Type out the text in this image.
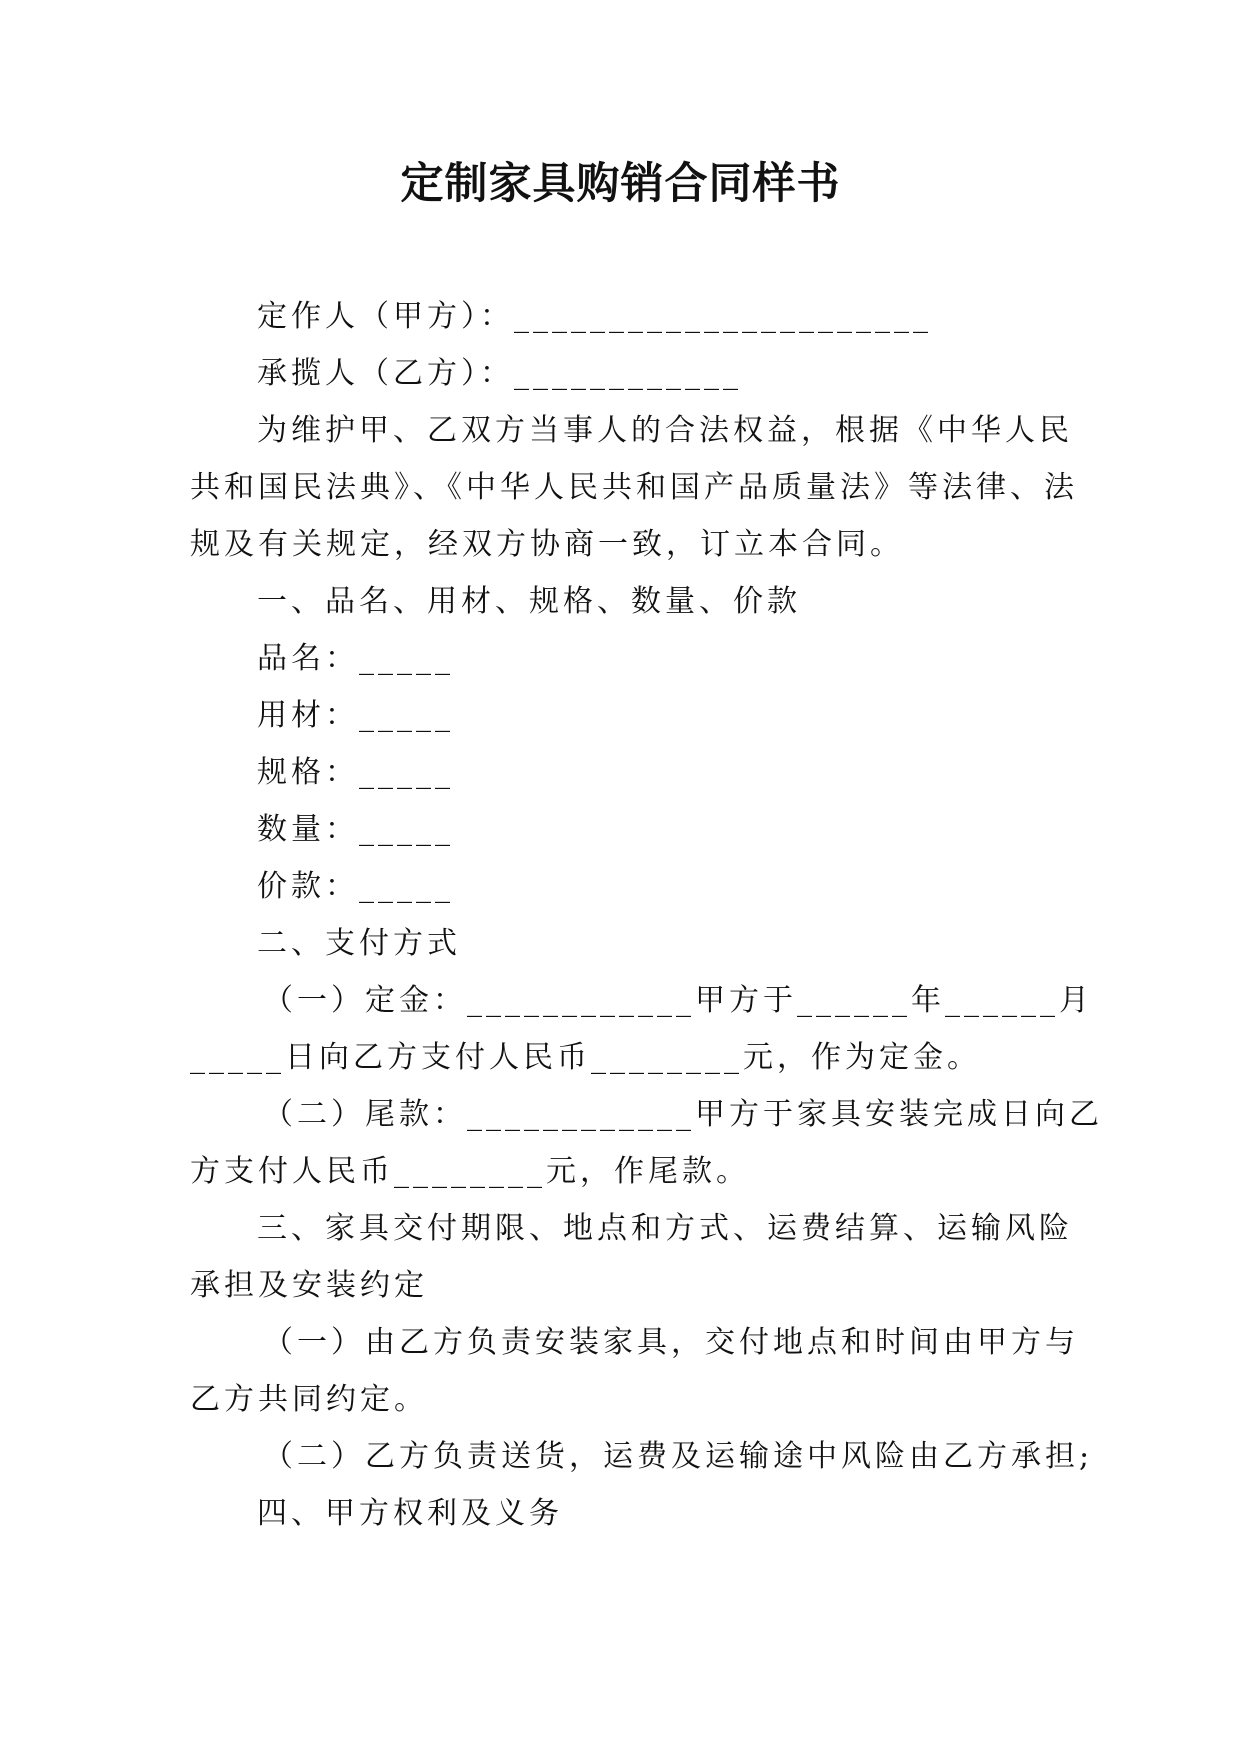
定制家具购销合同样书
定作人（甲方）：______________________
承揽人（乙方）：____________
为维护甲、乙双方当事人的合法权益，根据《中华人民
共和国民法典》、《中华人民共和国产品质量法》等法律、法
规及有关规定，经双方协商一致，订立本合同。
一、品名、用材、规格、数量、价款
品名：_____
用材：_____
规格：_____
数量：_____
价款：_____
二、支付方式
（一）定金：____________甲方于______年______月
_____日向乙方支付人民币________元，作为定金。
（二）尾款：____________甲方于家具安装完成日向乙
方支付人民币________元，作尾款。
三、家具交付期限、地点和方式、运费结算、运输风险
承担及安装约定
（一）由乙方负责安装家具，交付地点和时间由甲方与
乙方共同约定。
（二）乙方负责送货，运费及运输途中风险由乙方承担;
四、甲方权利及义务
